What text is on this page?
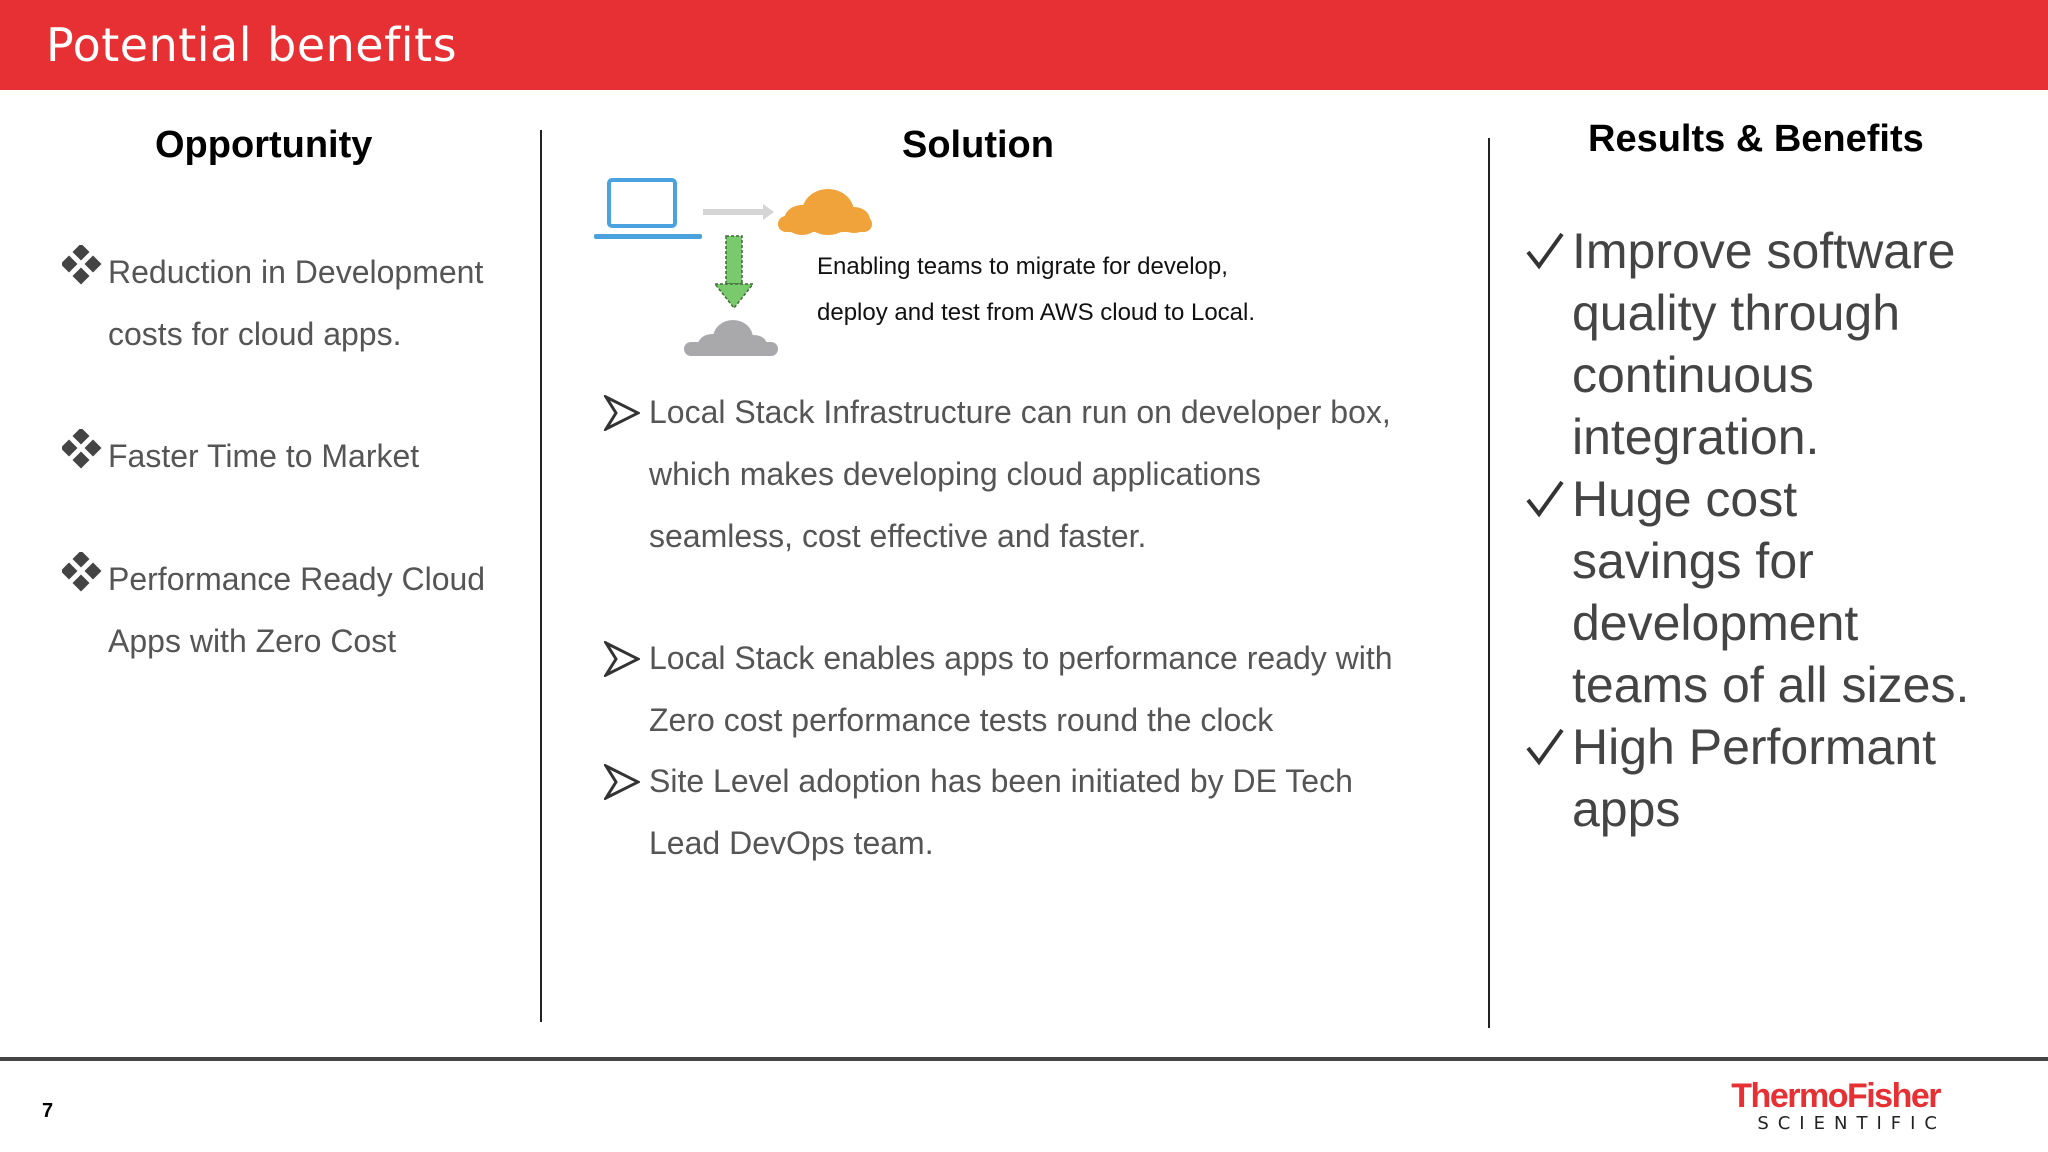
Potential benefits
Opportunity	Solution	Results & Benefits
Reduction in Development
costs for cloud apps.
Faster Time to Market
Performance Ready Cloud
Apps with Zero Cost
Enabling teams to migrate for develop,
deploy and test from AWS cloud to Local.
Local Stack Infrastructure can run on developer box,
which makes developing cloud applications
seamless, cost effective and faster.
Local Stack enables apps to performance ready with
Zero cost performance tests round the clock
Site Level adoption has been initiated by DE Tech
Lead DevOps team.
Improve software
quality through
continuous
integration.
Huge cost
savings for
development
teams of all sizes.
High Performant
apps
7	ThermoFisher
SCIENTIFIC
